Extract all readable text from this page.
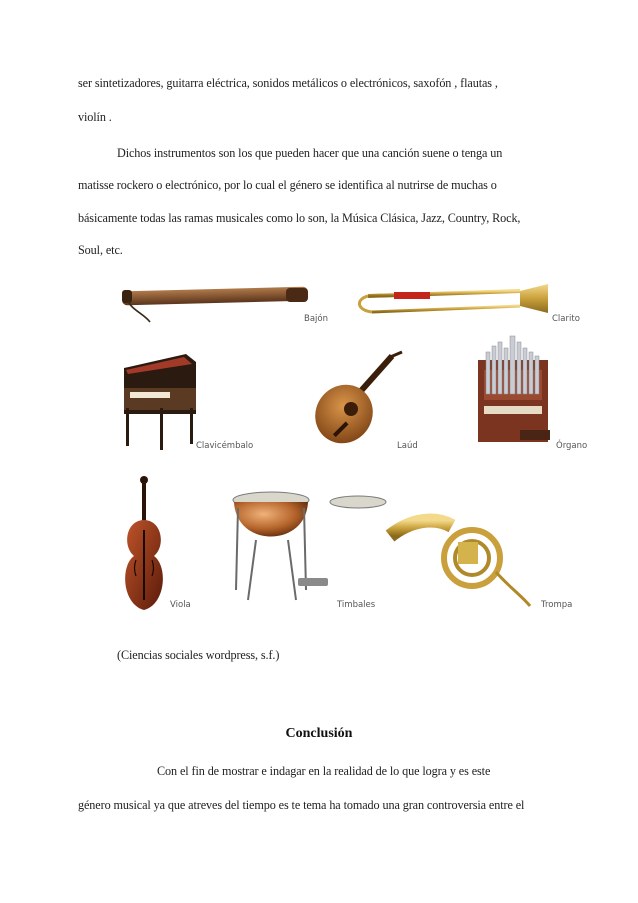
ser sintetizadores, guitarra eléctrica, sonidos metálicos o electrónicos, saxofón , flautas ,
violín .
Dichos instrumentos son los que pueden hacer que una canción suene o tenga un
matisse rockero o electrónico, por lo cual el género se identifica al nutrirse de muchas o
básicamente todas las ramas musicales como lo son, la Música Clásica, Jazz, Country, Rock,
Soul, etc.
Bajón	Clarito
Clavicémbalo	Laúd	Órgano
Viola	Timbales	Trompa
(Ciencias sociales wordpress, s.f.)
Conclusión
Con el fin de mostrar e indagar en la realidad de lo que logra y es este
género musical ya que atreves del tiempo es te tema ha tomado una gran controversia entre el
